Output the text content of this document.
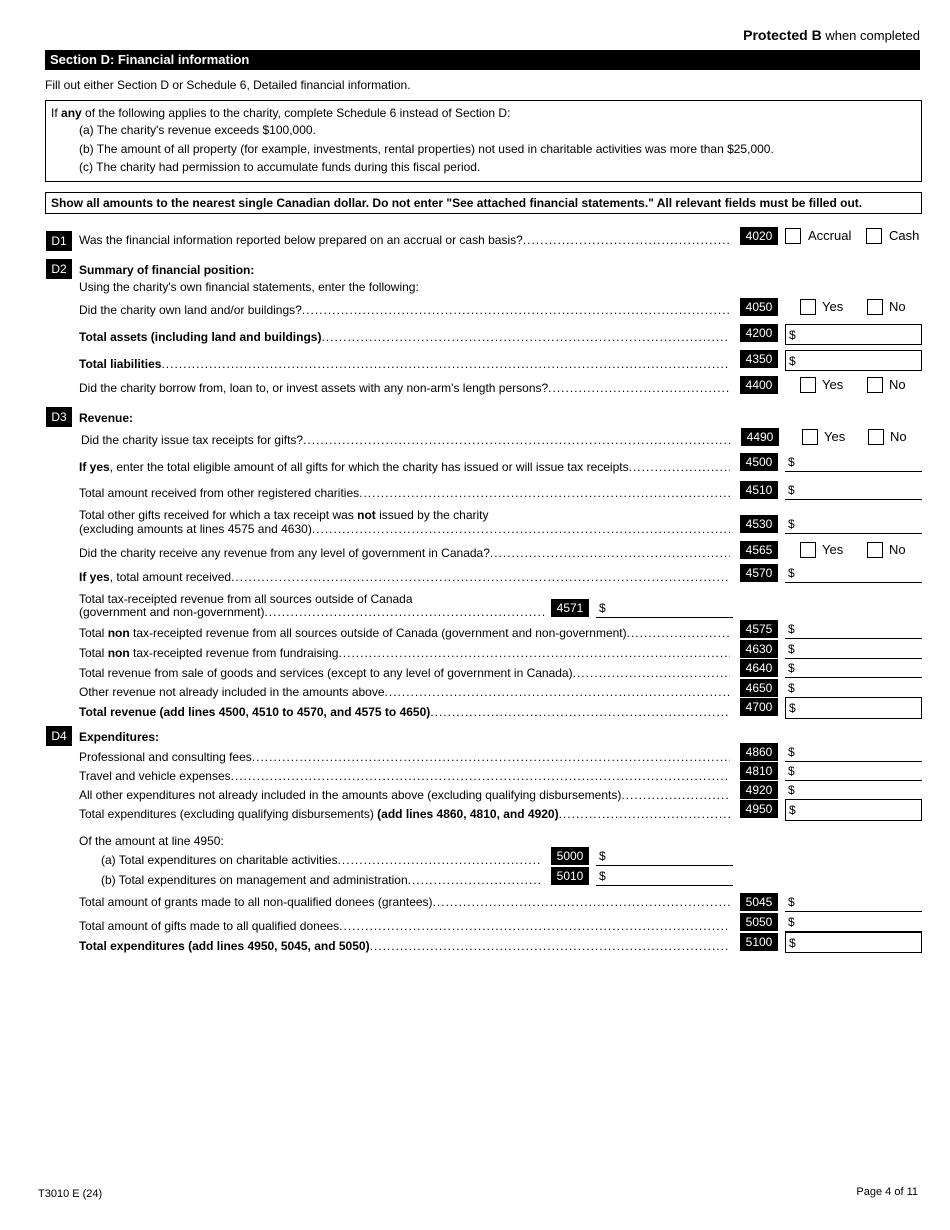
Protected B when completed
Section D: Financial information
Fill out either Section D or Schedule 6, Detailed financial information.
If any of the following applies to the charity, complete Schedule 6 instead of Section D:
(a) The charity's revenue exceeds $100,000.
(b) The amount of all property (for example, investments, rental properties) not used in charitable activities was more than $25,000.
(c) The charity had permission to accumulate funds during this fiscal period.
Show all amounts to the nearest single Canadian dollar. Do not enter "See attached financial statements." All relevant fields must be filled out.
D1	Was the financial information reported below prepared on an accrual or cash basis? .....	4020	Accrual	Cash
D2	Summary of financial position:
Using the charity's own financial statements, enter the following:
Did the charity own land and/or buildings? .....	4050	Yes	No
Total assets (including land and buildings) .....	4200	$
Total liabilities .....	4350	$
Did the charity borrow from, loan to, or invest assets with any non-arm's length persons? .....	4400	Yes	No
D3	Revenue:
Did the charity issue tax receipts for gifts? .....	4490	Yes	No
If yes, enter the total eligible amount of all gifts for which the charity has issued or will issue tax receipts .....	4500	$
Total amount received from other registered charities .....	4510	$
Total other gifts received for which a tax receipt was not issued by the charity
(excluding amounts at lines 4575 and 4630) .....	4530	$
Did the charity receive any revenue from any level of government in Canada? .....	4565	Yes	No
If yes, total amount received .....	4570	$
Total tax-receipted revenue from all sources outside of Canada
(government and non-government) .....	4571	$
Total non tax-receipted revenue from all sources outside of Canada (government and non-government) .....	4575	$
Total non tax-receipted revenue from fundraising .....	4630	$
Total revenue from sale of goods and services (except to any level of government in Canada) .....	4640	$
Other revenue not already included in the amounts above .....	4650	$
Total revenue (add lines 4500, 4510 to 4570, and 4575 to 4650) .....	4700	$
D4	Expenditures:
Professional and consulting fees .....	4860	$
Travel and vehicle expenses .....	4810	$
All other expenditures not already included in the amounts above (excluding qualifying disbursements) .....	4920	$
Total expenditures (excluding qualifying disbursements) (add lines 4860, 4810, and 4920) .....	4950	$
Of the amount at line 4950:
(a) Total expenditures on charitable activities .....	5000	$
(b) Total expenditures on management and administration .....	5010	$
Total amount of grants made to all non-qualified donees (grantees) .....	5045	$
Total amount of gifts made to all qualified donees .....	5050	$
Total expenditures (add lines 4950, 5045, and 5050) .....	5100	$
T3010 E (24)	Page 4 of 11
